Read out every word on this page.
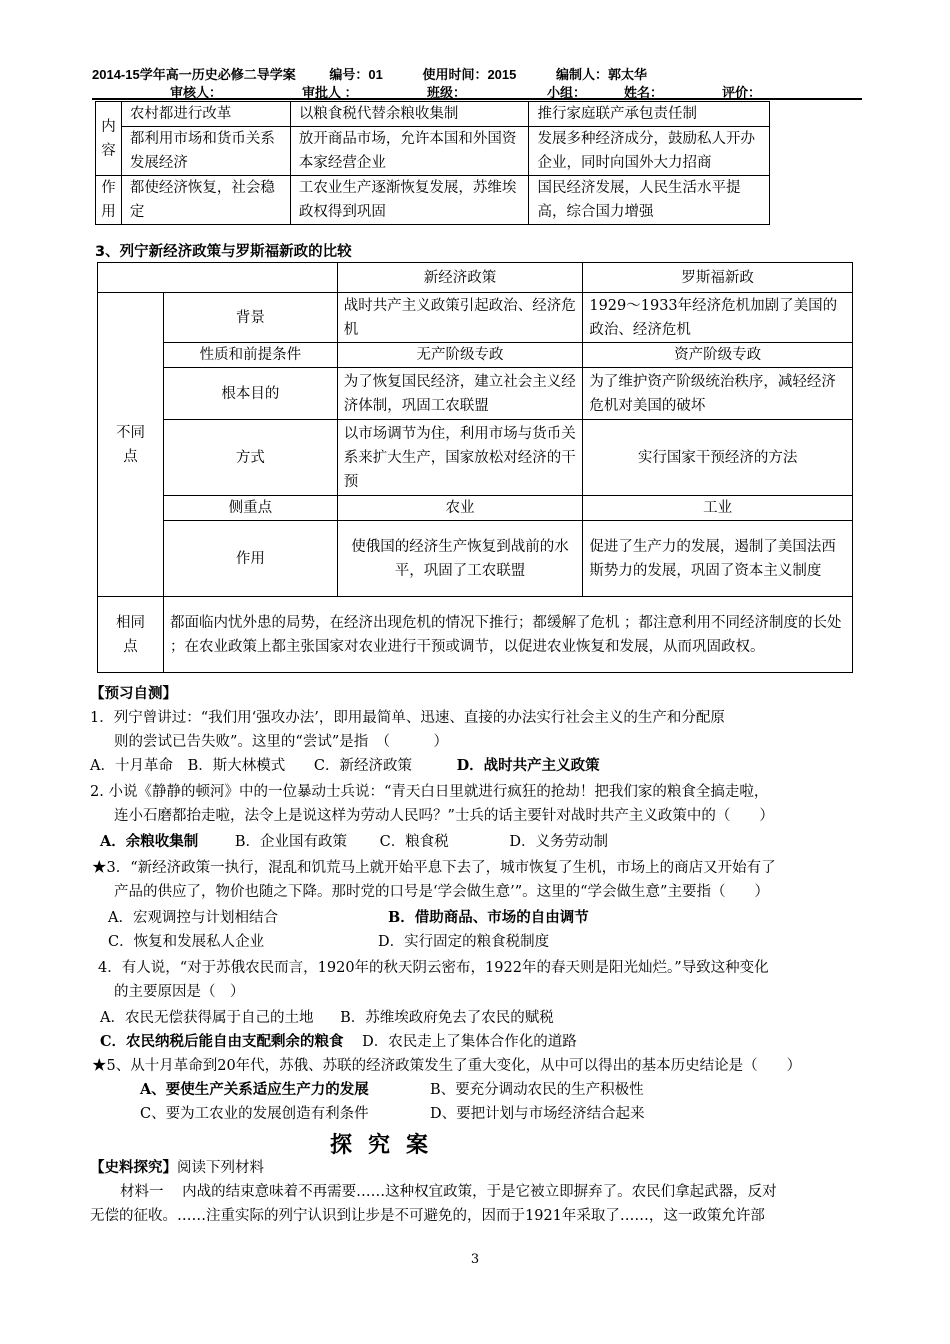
2014-15学年高一历史必修二导学案	编号：01	使用时间：2015	编制人：郭太华
审核人：	审批人 ：	班级：	小组：	姓名：	评价：
内容	农村都进行改革	以粮食税代替余粮收集制	推行家庭联产承包责任制
	都利用市场和货币关系发展经济	放开商品市场，允许本国和外国资本家经营企业	发展多种经济成分，鼓励私人开办企业，同时向国外大力招商
作用	都使经济恢复，社会稳定	工农业生产逐渐恢复发展，苏维埃政权得到巩固	国民经济发展，人民生活水平提高，综合国力增强
3、列宁新经济政策与罗斯福新政的比较
		新经济政策	罗斯福新政
不同点	背景	战时共产主义政策引起政治、经济危机	1929～1933年经济危机加剧了美国的政治、经济危机
	性质和前提条件	无产阶级专政	资产阶级专政
	根本目的	为了恢复国民经济，建立社会主义经济体制，巩固工农联盟	为了维护资产阶级统治秩序，减轻经济危机对美国的破坏
	方式	以市场调节为住，利用市场与货币关系来扩大生产，国家放松对经济的干预	实行国家干预经济的方法
	侧重点	农业	工业
	作用	使俄国的经济生产恢复到战前的水平，巩固了工农联盟	促进了生产力的发展，遏制了美国法西斯势力的发展，巩固了资本主义制度
相同点	都面临内忧外患的局势，在经济出现危机的情况下推行；都缓解了危机 ；都注意利用不同经济制度的长处 ；在农业政策上都主张国家对农业进行干预或调节，以促进农业恢复和发展，从而巩固政权。		
【预习自测】
1．列宁曾讲过：“我们用‘强攻办法’，即用最简单、迅速、直接的办法实行社会主义的生产和分配原
则的尝试已告失败”。这里的“尝试”是指　（　　　）
A．十月革命 B．斯大林模式 C．新经济政策	D．战时共产主义政策
2. 小说《静静的顿河》中的一位暴动士兵说：“青天白日里就进行疯狂的抢劫！把我们家的粮食全搞走啦，
连小石磨都抬走啦，法令上是说这样为劳动人民吗？”士兵的话主要针对战时共产主义政策中的（　　）
A．余粮收集制	B．企业国有政策 C．粮食税	D．义务劳动制
★3．“新经济政策一执行，混乱和饥荒马上就开始平息下去了，城市恢复了生机，市场上的商店又开始有了
产品的供应了，物价也随之下降。那时党的口号是‘学会做生意’”。这里的“学会做生意”主要指（　　）
A．宏观调控与计划相结合	B．借助商品、市场的自由调节
C．恢复和发展私人企业	D．实行固定的粮食税制度
4．有人说，“对于苏俄农民而言，1920年的秋天阴云密布，1922年的春天则是阳光灿烂。”导致这种变化
的主要原因是（　）
A．农民无偿获得属于自己的土地 B．苏维埃政府免去了农民的赋税
C．农民纳税后能自由支配剩余的粮食 D．农民走上了集体合作化的道路
★5、从十月革命到20年代，苏俄、苏联的经济政策发生了重大变化，从中可以得出的基本历史结论是（　　）
A、要使生产关系适应生产力的发展	B、要充分调动农民的生产积极性
C、要为工农业的发展创造有利条件	D、要把计划与市场经济结合起来
探究案
【史料探究】阅读下列材料
材料一 内战的结束意味着不再需要……这种权宜政策，于是它被立即摒弃了。农民们拿起武器，反对
无偿的征收。……注重实际的列宁认识到让步是不可避免的，因而于1921年采取了……，这一政策允许部
3
